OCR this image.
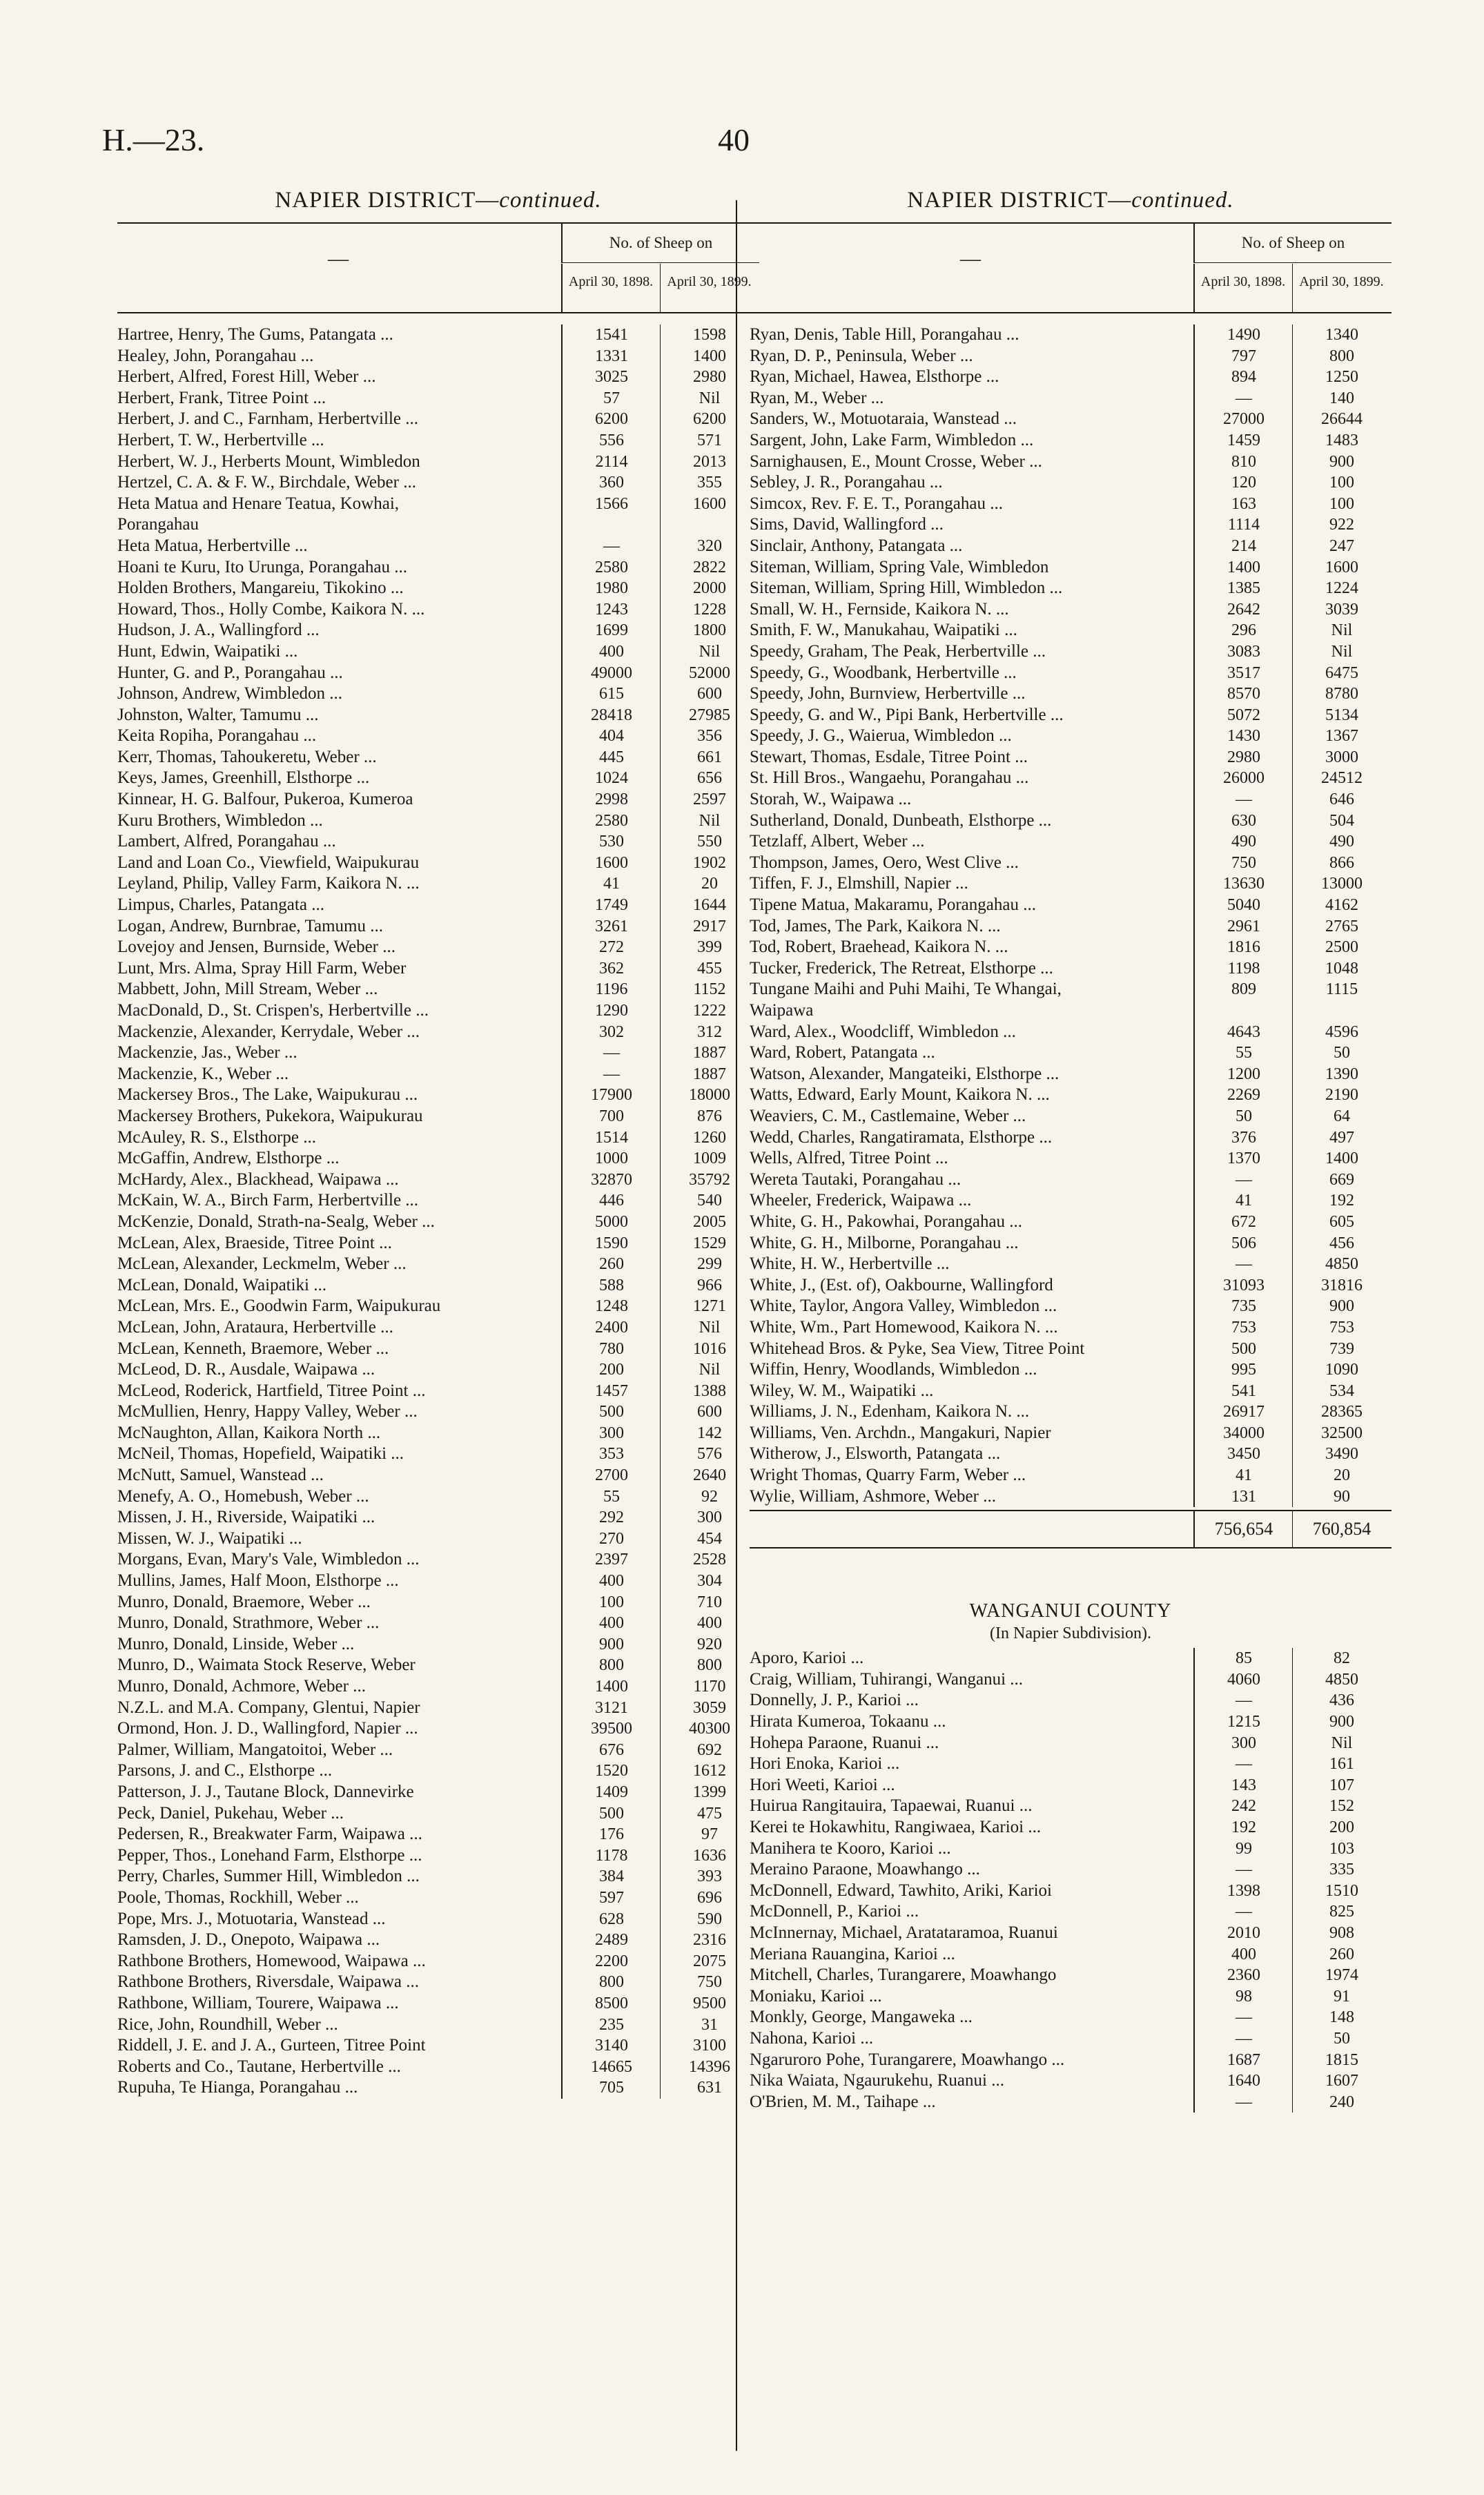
H.—23.	40
NAPIER DISTRICT—continued.
—
No. of Sheep on
April 30, 1898.	April 30, 1899.
Hartree, Henry, The Gums, Patangata ...	1541	1598
Healey, John, Porangahau ...	1331	1400
Herbert, Alfred, Forest Hill, Weber ...	3025	2980
Herbert, Frank, Titree Point ...	57	Nil
Herbert, J. and C., Farnham, Herbertville ...	6200	6200
Herbert, T. W., Herbertville ...	556	571
Herbert, W. J., Herberts Mount, Wimbledon	2114	2013
Hertzel, C. A. & F. W., Birchdale, Weber ...	360	355
Heta Matua and Henare Teatua, Kowhai,	1566	1600
Porangahau
Heta Matua, Herbertville ...	—	320
Hoani te Kuru, Ito Urunga, Porangahau ...	2580	2822
Holden Brothers, Mangareiu, Tikokino ...	1980	2000
Howard, Thos., Holly Combe, Kaikora N. ...	1243	1228
Hudson, J. A., Wallingford ...	1699	1800
Hunt, Edwin, Waipatiki ...	400	Nil
Hunter, G. and P., Porangahau ...	49000	52000
Johnson, Andrew, Wimbledon ...	615	600
Johnston, Walter, Tamumu ...	28418	27985
Keita Ropiha, Porangahau ...	404	356
Kerr, Thomas, Tahoukeretu, Weber ...	445	661
Keys, James, Greenhill, Elsthorpe ...	1024	656
Kinnear, H. G. Balfour, Pukeroa, Kumeroa	2998	2597
Kuru Brothers, Wimbledon ...	2580	Nil
Lambert, Alfred, Porangahau ...	530	550
Land and Loan Co., Viewfield, Waipukurau	1600	1902
Leyland, Philip, Valley Farm, Kaikora N. ...	41	20
Limpus, Charles, Patangata ...	1749	1644
Logan, Andrew, Burnbrae, Tamumu ...	3261	2917
Lovejoy and Jensen, Burnside, Weber ...	272	399
Lunt, Mrs. Alma, Spray Hill Farm, Weber	362	455
Mabbett, John, Mill Stream, Weber ...	1196	1152
MacDonald, D., St. Crispen's, Herbertville ...	1290	1222
Mackenzie, Alexander, Kerrydale, Weber ...	302	312
Mackenzie, Jas., Weber ...	—	1887
Mackenzie, K., Weber ...	—	1887
Mackersey Bros., The Lake, Waipukurau ...	17900	18000
Mackersey Brothers, Pukekora, Waipukurau	700	876
McAuley, R. S., Elsthorpe ...	1514	1260
McGaffin, Andrew, Elsthorpe ...	1000	1009
McHardy, Alex., Blackhead, Waipawa ...	32870	35792
McKain, W. A., Birch Farm, Herbertville ...	446	540
McKenzie, Donald, Strath-na-Sealg, Weber ...	5000	2005
McLean, Alex, Braeside, Titree Point ...	1590	1529
McLean, Alexander, Leckmelm, Weber ...	260	299
McLean, Donald, Waipatiki ...	588	966
McLean, Mrs. E., Goodwin Farm, Waipukurau	1248	1271
McLean, John, Arataura, Herbertville ...	2400	Nil
McLean, Kenneth, Braemore, Weber ...	780	1016
McLeod, D. R., Ausdale, Waipawa ...	200	Nil
McLeod, Roderick, Hartfield, Titree Point ...	1457	1388
McMullien, Henry, Happy Valley, Weber ...	500	600
McNaughton, Allan, Kaikora North ...	300	142
McNeil, Thomas, Hopefield, Waipatiki ...	353	576
McNutt, Samuel, Wanstead ...	2700	2640
Menefy, A. O., Homebush, Weber ...	55	92
Missen, J. H., Riverside, Waipatiki ...	292	300
Missen, W. J., Waipatiki ...	270	454
Morgans, Evan, Mary's Vale, Wimbledon ...	2397	2528
Mullins, James, Half Moon, Elsthorpe ...	400	304
Munro, Donald, Braemore, Weber ...	100	710
Munro, Donald, Strathmore, Weber ...	400	400
Munro, Donald, Linside, Weber ...	900	920
Munro, D., Waimata Stock Reserve, Weber	800	800
Munro, Donald, Achmore, Weber ...	1400	1170
N.Z.L. and M.A. Company, Glentui, Napier	3121	3059
Ormond, Hon. J. D., Wallingford, Napier ...	39500	40300
Palmer, William, Mangatoitoi, Weber ...	676	692
Parsons, J. and C., Elsthorpe ...	1520	1612
Patterson, J. J., Tautane Block, Dannevirke	1409	1399
Peck, Daniel, Pukehau, Weber ...	500	475
Pedersen, R., Breakwater Farm, Waipawa ...	176	97
Pepper, Thos., Lonehand Farm, Elsthorpe ...	1178	1636
Perry, Charles, Summer Hill, Wimbledon ...	384	393
Poole, Thomas, Rockhill, Weber ...	597	696
Pope, Mrs. J., Motuotaria, Wanstead ...	628	590
Ramsden, J. D., Onepoto, Waipawa ...	2489	2316
Rathbone Brothers, Homewood, Waipawa ...	2200	2075
Rathbone Brothers, Riversdale, Waipawa ...	800	750
Rathbone, William, Tourere, Waipawa ...	8500	9500
Rice, John, Roundhill, Weber ...	235	31
Riddell, J. E. and J. A., Gurteen, Titree Point	3140	3100
Roberts and Co., Tautane, Herbertville ...	14665	14396
Rupuha, Te Hianga, Porangahau ...	705	631
NAPIER DISTRICT—continued.
—
No. of Sheep on
April 30, 1898.	April 30, 1899.
Ryan, Denis, Table Hill, Porangahau ...	1490	1340
Ryan, D. P., Peninsula, Weber ...	797	800
Ryan, Michael, Hawea, Elsthorpe ...	894	1250
Ryan, M., Weber ...	—	140
Sanders, W., Motuotaraia, Wanstead ...	27000	26644
Sargent, John, Lake Farm, Wimbledon ...	1459	1483
Sarnighausen, E., Mount Crosse, Weber ...	810	900
Sebley, J. R., Porangahau ...	120	100
Simcox, Rev. F. E. T., Porangahau ...	163	100
Sims, David, Wallingford ...	1114	922
Sinclair, Anthony, Patangata ...	214	247
Siteman, William, Spring Vale, Wimbledon	1400	1600
Siteman, William, Spring Hill, Wimbledon ...	1385	1224
Small, W. H., Fernside, Kaikora N. ...	2642	3039
Smith, F. W., Manukahau, Waipatiki ...	296	Nil
Speedy, Graham, The Peak, Herbertville ...	3083	Nil
Speedy, G., Woodbank, Herbertville ...	3517	6475
Speedy, John, Burnview, Herbertville ...	8570	8780
Speedy, G. and W., Pipi Bank, Herbertville ...	5072	5134
Speedy, J. G., Waierua, Wimbledon ...	1430	1367
Stewart, Thomas, Esdale, Titree Point ...	2980	3000
St. Hill Bros., Wangaehu, Porangahau ...	26000	24512
Storah, W., Waipawa ...	—	646
Sutherland, Donald, Dunbeath, Elsthorpe ...	630	504
Tetzlaff, Albert, Weber ...	490	490
Thompson, James, Oero, West Clive ...	750	866
Tiffen, F. J., Elmshill, Napier ...	13630	13000
Tipene Matua, Makaramu, Porangahau ...	5040	4162
Tod, James, The Park, Kaikora N. ...	2961	2765
Tod, Robert, Braehead, Kaikora N. ...	1816	2500
Tucker, Frederick, The Retreat, Elsthorpe ...	1198	1048
Tungane Maihi and Puhi Maihi, Te Whangai,	809	1115
Waipawa
Ward, Alex., Woodcliff, Wimbledon ...	4643	4596
Ward, Robert, Patangata ...	55	50
Watson, Alexander, Mangateiki, Elsthorpe ...	1200	1390
Watts, Edward, Early Mount, Kaikora N. ...	2269	2190
Weaviers, C. M., Castlemaine, Weber ...	50	64
Wedd, Charles, Rangatiramata, Elsthorpe ...	376	497
Wells, Alfred, Titree Point ...	1370	1400
Wereta Tautaki, Porangahau ...	—	669
Wheeler, Frederick, Waipawa ...	41	192
White, G. H., Pakowhai, Porangahau ...	672	605
White, G. H., Milborne, Porangahau ...	506	456
White, H. W., Herbertville ...	—	4850
White, J., (Est. of), Oakbourne, Wallingford	31093	31816
White, Taylor, Angora Valley, Wimbledon ...	735	900
White, Wm., Part Homewood, Kaikora N. ...	753	753
Whitehead Bros. & Pyke, Sea View, Titree Point	500	739
Wiffin, Henry, Woodlands, Wimbledon ...	995	1090
Wiley, W. M., Waipatiki ...	541	534
Williams, J. N., Edenham, Kaikora N. ...	26917	28365
Williams, Ven. Archdn., Mangakuri, Napier	34000	32500
Witherow, J., Elsworth, Patangata ...	3450	3490
Wright Thomas, Quarry Farm, Weber ...	41	20
Wylie, William, Ashmore, Weber ...	131	90
756,654	760,854
WANGANUI COUNTY
(In Napier Subdivision).
Aporo, Karioi ...	85	82
Craig, William, Tuhirangi, Wanganui ...	4060	4850
Donnelly, J. P., Karioi ...	—	436
Hirata Kumeroa, Tokaanu ...	1215	900
Hohepa Paraone, Ruanui ...	300	Nil
Hori Enoka, Karioi ...	—	161
Hori Weeti, Karioi ...	143	107
Huirua Rangitauira, Tapaewai, Ruanui ...	242	152
Kerei te Hokawhitu, Rangiwaea, Karioi ...	192	200
Manihera te Kooro, Karioi ...	99	103
Meraino Paraone, Moawhango ...	—	335
McDonnell, Edward, Tawhito, Ariki, Karioi	1398	1510
McDonnell, P., Karioi ...	—	825
McInnernay, Michael, Aratataramoa, Ruanui	2010	908
Meriana Rauangina, Karioi ...	400	260
Mitchell, Charles, Turangarere, Moawhango	2360	1974
Moniaku, Karioi ...	98	91
Monkly, George, Mangaweka ...	—	148
Nahona, Karioi ...	—	50
Ngaruroro Pohe, Turangarere, Moawhango ...	1687	1815
Nika Waiata, Ngaurukehu, Ruanui ...	1640	1607
O'Brien, M. M., Taihape ...	—	240
